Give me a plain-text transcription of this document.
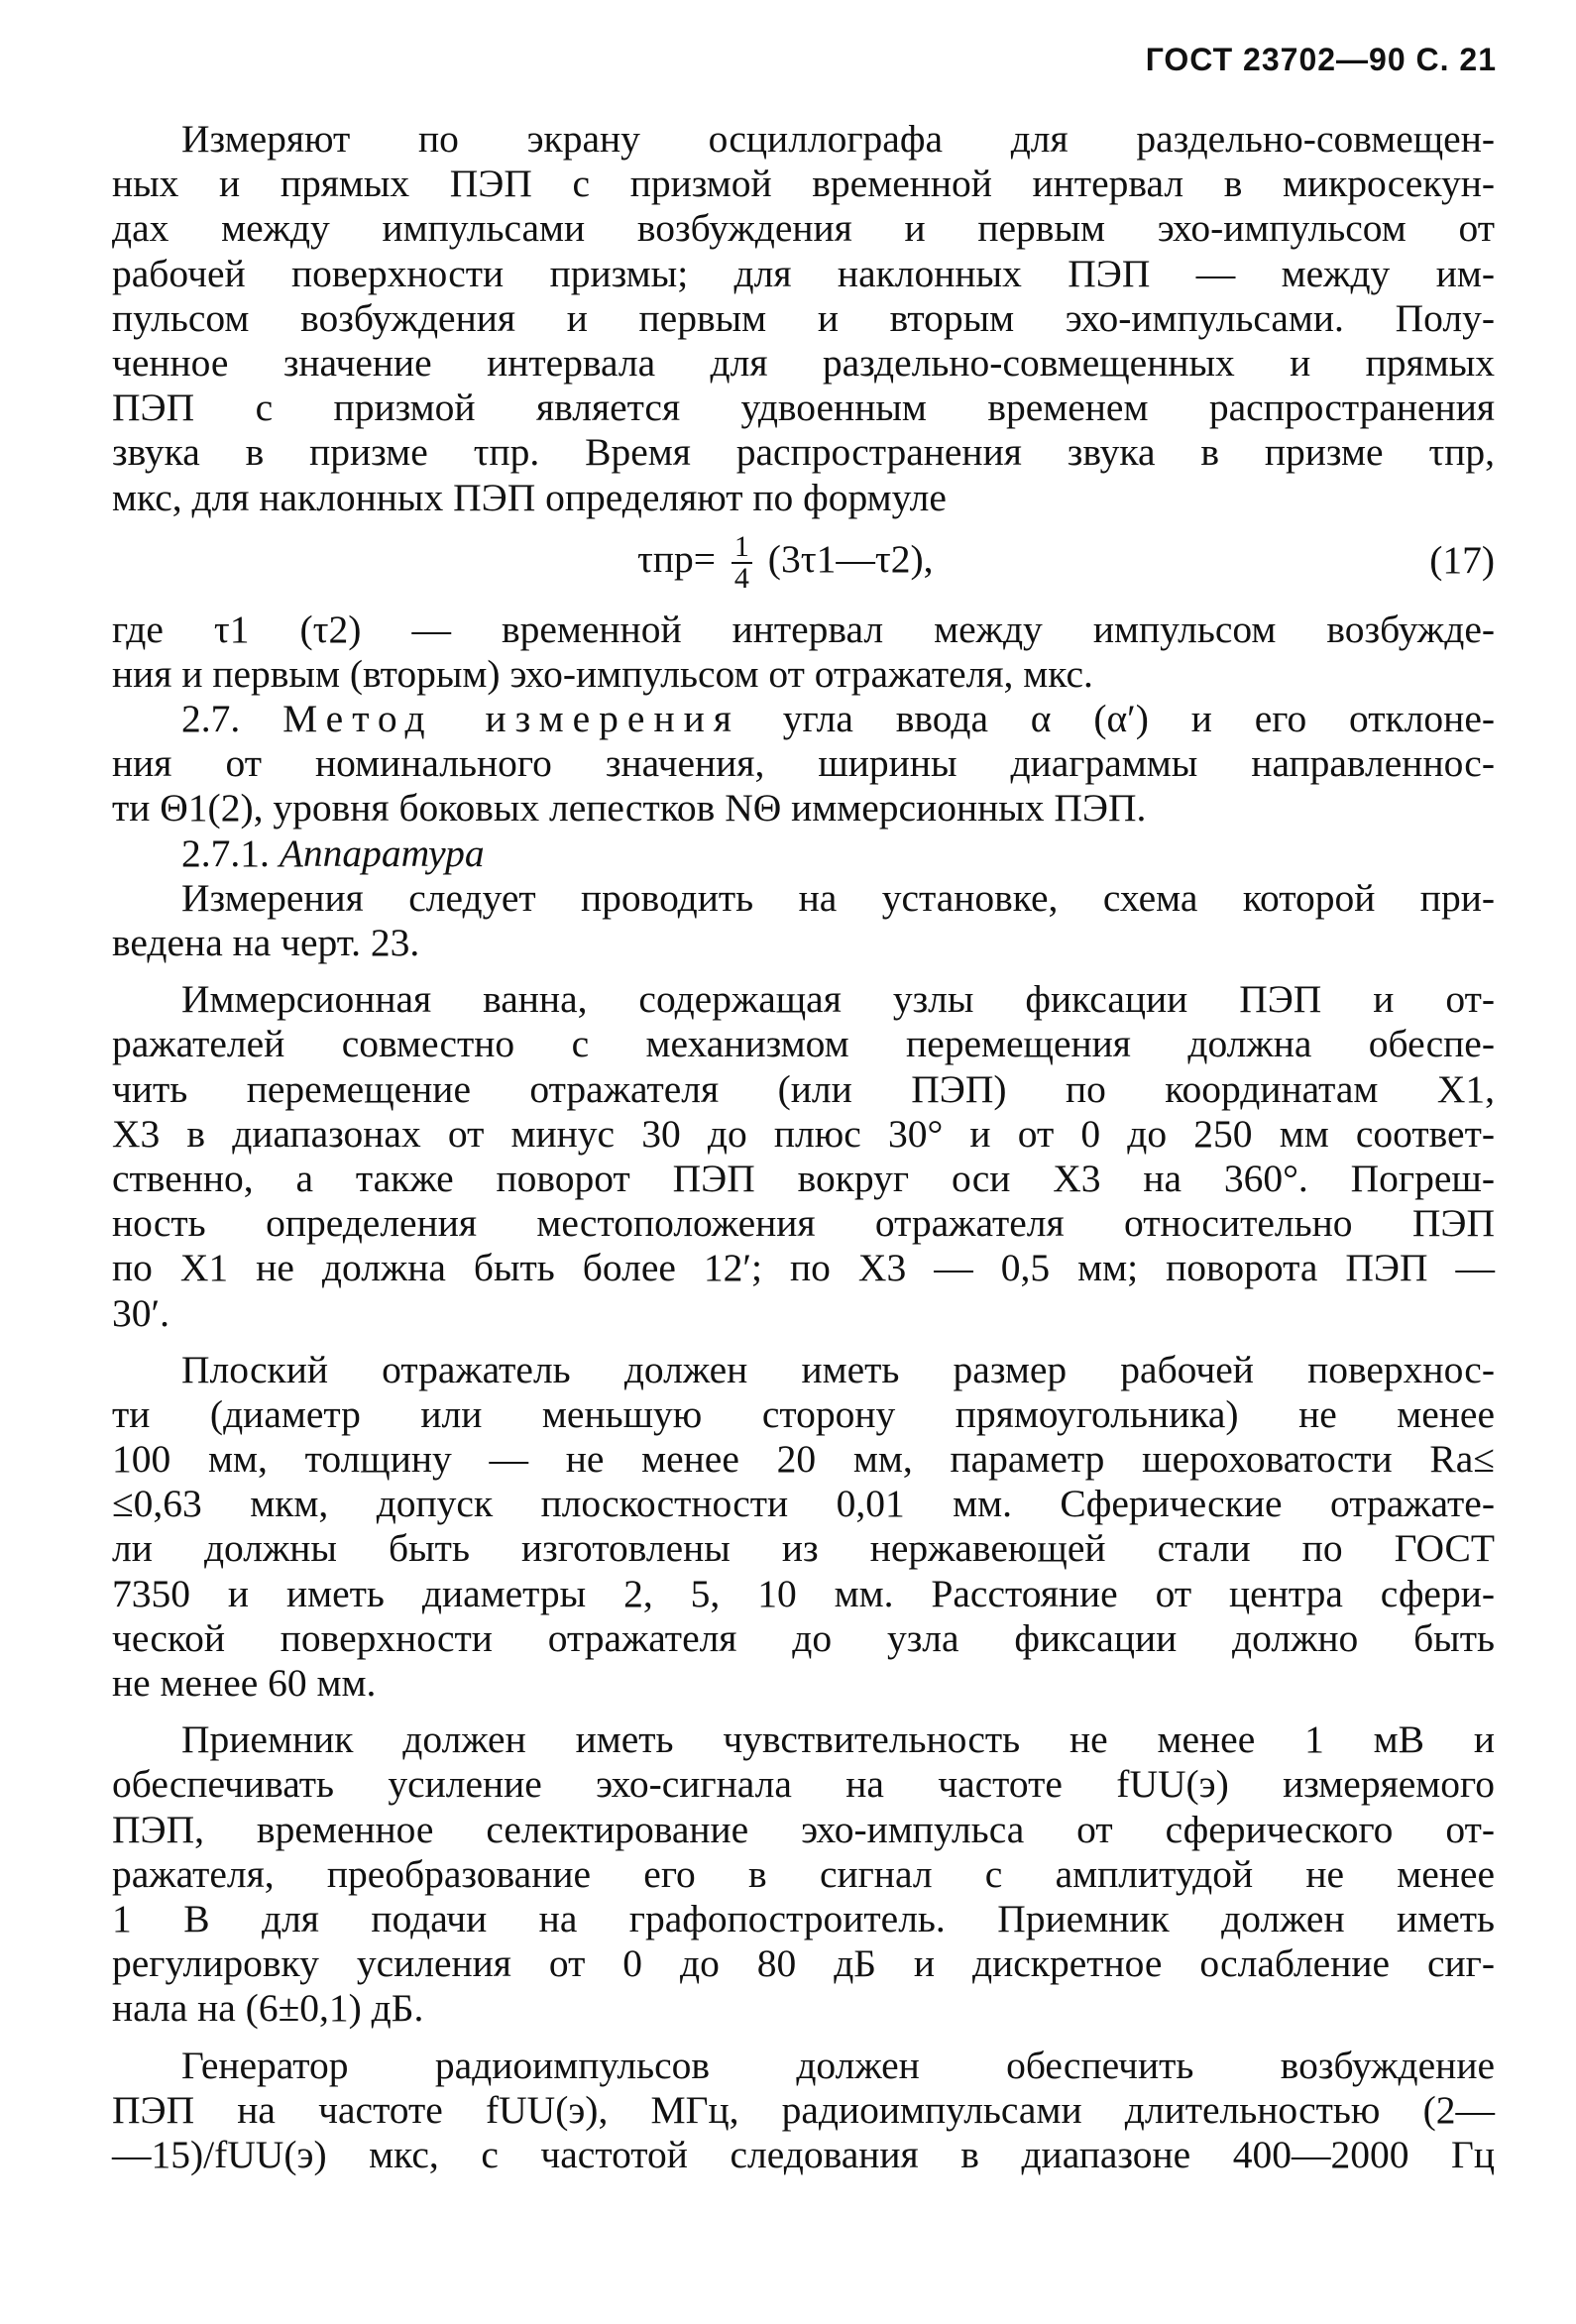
ГОСТ 23702—90 С. 21
Измеряют по экрану осциллографа для раздельно-совмещен-
ных и прямых ПЭП с призмой временной интервал в микросекун-
дах между импульсами возбуждения и первым эхо-импульсом от
рабочей поверхности призмы; для наклонных ПЭП — между им-
пульсом возбуждения и первым и вторым эхо-импульсами. Полу-
ченное значение интервала для раздельно-совмещенных и прямых
ПЭП с призмой является удвоенным временем распространения
звука в призме τпр. Время распространения звука в призме τпр,
мкс, для наклонных ПЭП определяют по формуле
$\tau пр= \frac{1}{4}$ (3τ1—τ2),	(17)
где τ1 (τ2) — временной интервал между импульсом возбужде-
ния и первым (вторым) эхо-импульсом от отражателя, мкс.
2.7. Метод измерения угла ввода α (α′) и его отклоне-
ния от номинального значения, ширины диаграммы направленнос-
ти Θ1(2), уровня боковых лепестков NΘ иммерсионных ПЭП.
2.7.1. Аппаратура
Измерения следует проводить на установке, схема которой при-
ведена на черт. 23.
Иммерсионная ванна, содержащая узлы фиксации ПЭП и от-
ражателей совместно с механизмом перемещения должна обеспе-
чить перемещение отражателя (или ПЭП) по координатам X1,
X3 в диапазонах от минус 30 до плюс 30° и от 0 до 250 мм соответ-
ственно, а также поворот ПЭП вокруг оси X3 на 360°. Погреш-
ность определения местоположения отражателя относительно ПЭП
по X1 не должна быть более 12′; по X3 — 0,5 мм; поворота ПЭП —
30′.
Плоский отражатель должен иметь размер рабочей поверхнос-
ти (диаметр или меньшую сторону прямоугольника) не менее
100 мм, толщину — не менее 20 мм, параметр шероховатости Ra≤
≤0,63 мкм, допуск плоскостности 0,01 мм. Сферические отражате-
ли должны быть изготовлены из нержавеющей стали по ГОСТ
7350 и иметь диаметры 2, 5, 10 мм. Расстояние от центра сфери-
ческой поверхности отражателя до узла фиксации должно быть
не менее 60 мм.
Приемник должен иметь чувствительность не менее 1 мВ и
обеспечивать усиление эхо-сигнала на частоте fUU(э) измеряемого
ПЭП, временное селектирование эхо-импульса от сферического от-
ражателя, преобразование его в сигнал с амплитудой не менее
1 В для подачи на графопостроитель. Приемник должен иметь
регулировку усиления от 0 до 80 дБ и дискретное ослабление сиг-
нала на (6±0,1) дБ.
Генератор радиоимпульсов должен обеспечить возбуждение
ПЭП на частоте fUU(э), МГц, радиоимпульсами длительностью (2—
—15)/fUU(э) мкс, с частотой следования в диапазоне 400—2000 Гц
